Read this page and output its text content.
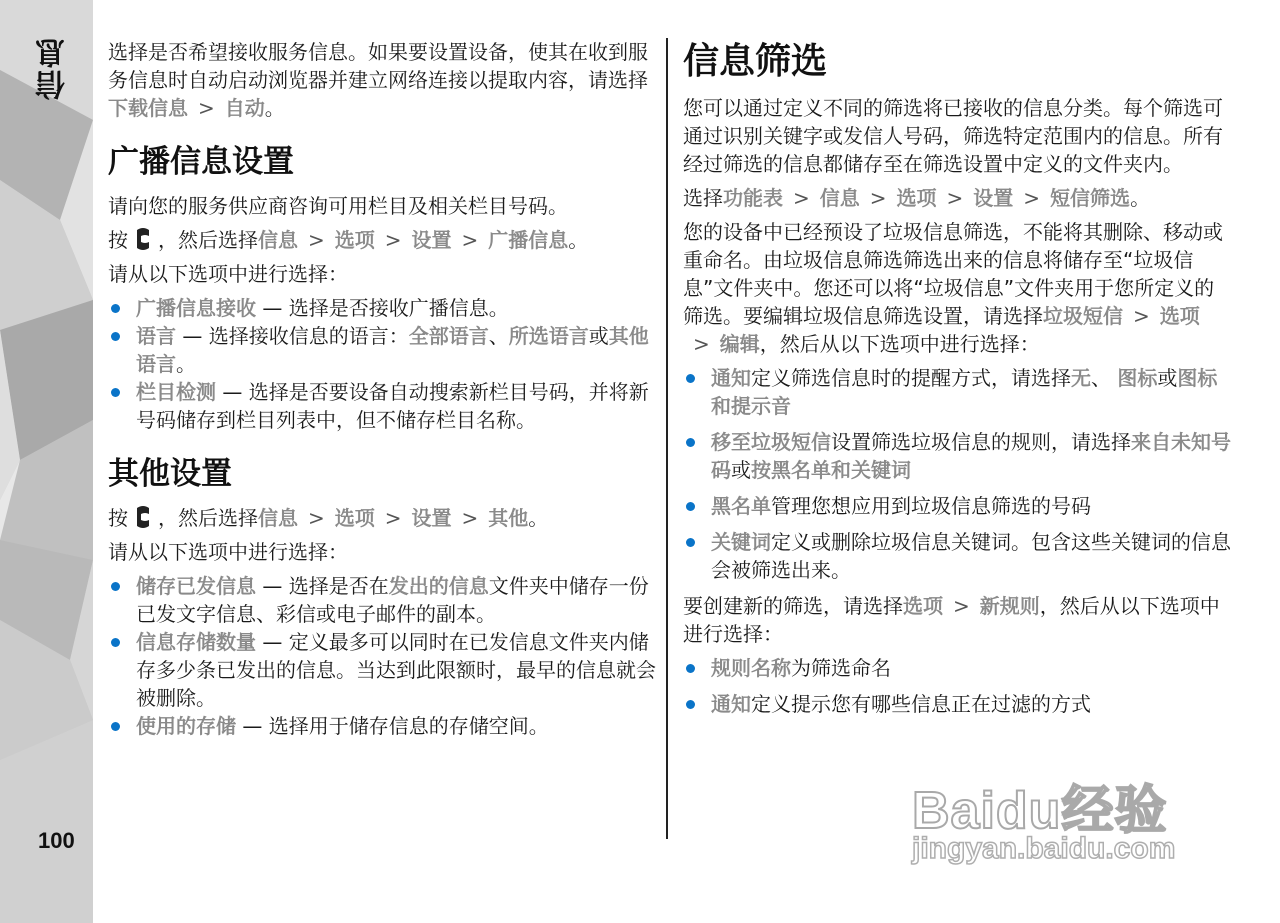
信息
100

选择是否希望接收服务信息。如果要设置设备，使其在收到服务信息时自动启动浏览器并建立网络连接以提取内容，请选择下载信息 > 自动。

广播信息设置

请向您的服务供应商咨询可用栏目及相关栏目号码。

按 ，然后选择信息 > 选项 > 设置 > 广播信息。

请从以下选项中进行选择：

广播信息接收 — 选择是否接收广播信息。
语言 — 选择接收信息的语言：全部语言、所选语言或其他语言。
栏目检测 — 选择是否要设备自动搜索新栏目号码，并将新号码储存到栏目列表中，但不储存栏目名称。
其他设置

按 ，然后选择信息 > 选项 > 设置 > 其他。

请从以下选项中进行选择：

储存已发信息 — 选择是否在发出的信息文件夹中储存一份已发文字信息、彩信或电子邮件的副本。
信息存储数量 — 定义最多可以同时在已发信息文件夹内储存多少条已发出的信息。当达到此限额时，最早的信息就会被删除。
使用的存储 — 选择用于储存信息的存储空间。
信息筛选

您可以通过定义不同的筛选将已接收的信息分类。每个筛选可通过识别关键字或发信人号码，筛选特定范围内的信息。所有经过筛选的信息都储存至在筛选设置中定义的文件夹内。

选择功能表 > 信息 > 选项 > 设置 > 短信筛选。

您的设备中已经预设了垃圾信息筛选，不能将其删除、移动或重命名。由垃圾信息筛选筛选出来的信息将储存至“垃圾信息”文件夹中。您还可以将“垃圾信息”文件夹用于您所定义的筛选。要编辑垃圾信息筛选设置，请选择垃圾短信 > 选项> 编辑，然后从以下选项中进行选择：

通知定义筛选信息时的提醒方式，请选择无、 图标或图标和提示音
移至垃圾短信设置筛选垃圾信息的规则，请选择来自未知号码或按黑名单和关键词
黑名单管理您想应用到垃圾信息筛选的号码
关键词定义或删除垃圾信息关键词。包含这些关键词的信息会被筛选出来。

要创建新的筛选，请选择选项 > 新规则，然后从以下选项中进行选择：

规则名称为筛选命名
通知定义提示您有哪些信息正在过滤的方式
Baidu经验
jingyan.baidu.com
